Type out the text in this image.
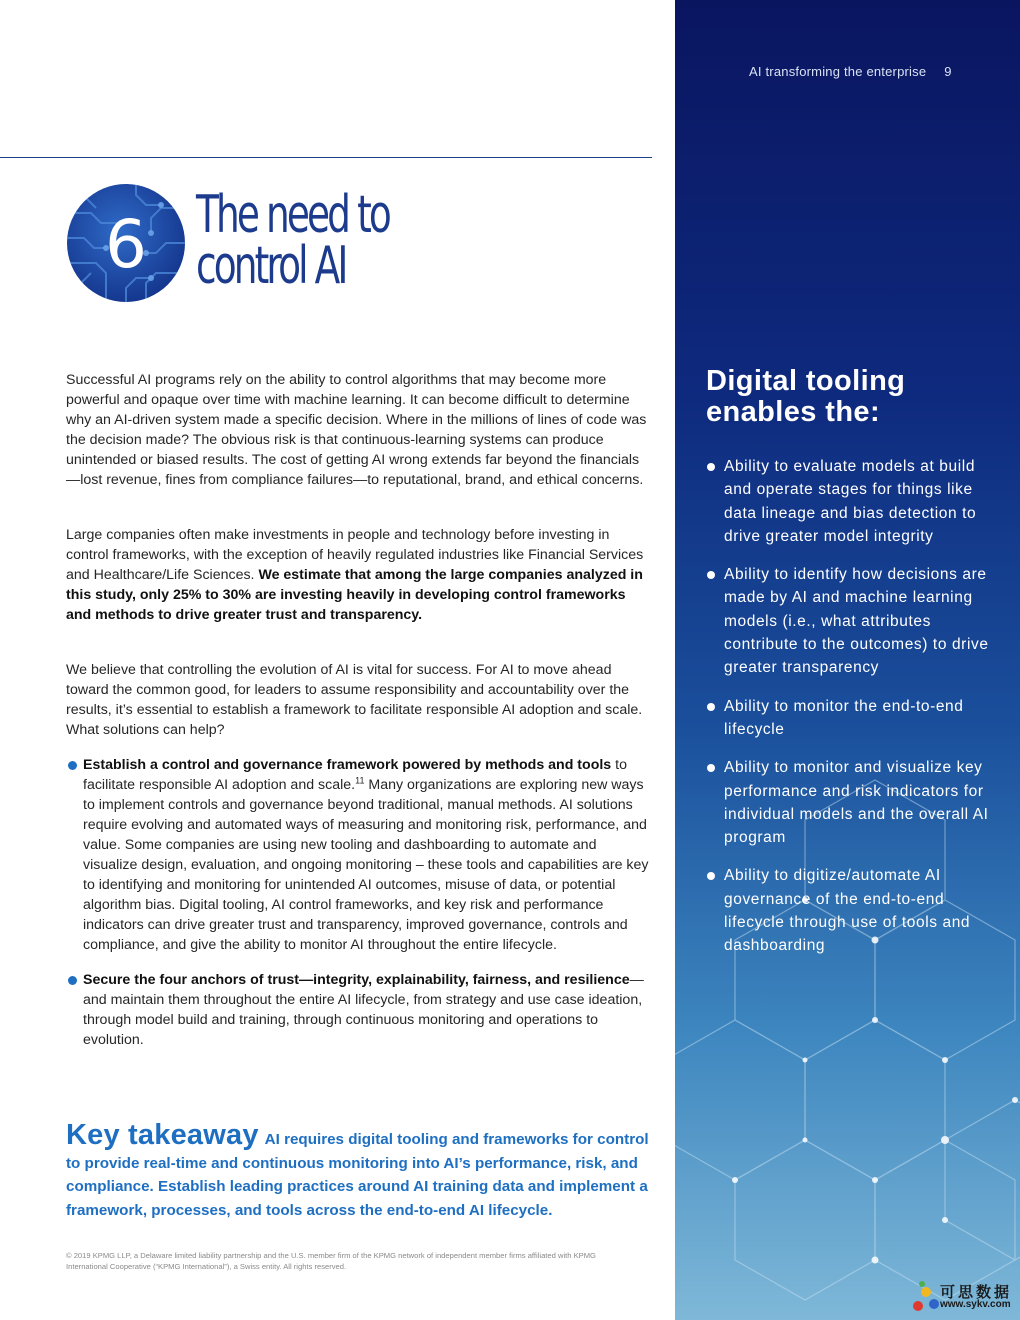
AI transforming the enterprise 9
Digital tooling enables the:
Ability to evaluate models at build and operate stages for things like data lineage and bias detection to drive greater model integrity
Ability to identify how decisions are made by AI and machine learning models (i.e., what attributes contribute to the outcomes) to drive greater transparency
Ability to monitor the end-to-end lifecycle
Ability to monitor and visualize key performance and risk indicators for individual models and the overall AI program
Ability to digitize/automate AI governance of the end-to-end lifecycle through use of tools and dashboarding
6 The need to
control AI

Successful AI programs rely on the ability to control algorithms that may become more powerful and opaque over time with machine learning. It can become difficult to determine why an AI-driven system made a specific decision. Where in the millions of lines of code was the decision made? The obvious risk is that continuous-learning systems can produce unintended or biased results. The cost of getting AI wrong extends far beyond the financials—lost revenue, fines from compliance failures—to reputational, brand, and ethical concerns.

Large companies often make investments in people and technology before investing in control frameworks, with the exception of heavily regulated industries like Financial Services and Healthcare/Life Sciences. We estimate that among the large companies analyzed in this study, only 25% to 30% are investing heavily in developing control frameworks and methods to drive greater trust and transparency.

We believe that controlling the evolution of AI is vital for success. For AI to move ahead toward the common good, for leaders to assume responsibility and accountability over the results, it’s essential to establish a framework to facilitate responsible AI adoption and scale. What solutions can help?

Establish a control and governance framework powered by methods and tools to facilitate responsible AI adoption and scale.$^{11}$ Many organizations are exploring new ways to implement controls and governance beyond traditional, manual methods. AI solutions require evolving and automated ways of measuring and monitoring risk, performance, and value. Some companies are using new tooling and dashboarding to automate and visualize design, evaluation, and ongoing monitoring – these tools and capabilities are key to identifying and monitoring for unintended AI outcomes, misuse of data, or potential algorithm bias. Digital tooling, AI control frameworks, and key risk and performance indicators can drive greater trust and transparency, improved governance, controls and compliance, and give the ability to monitor AI throughout the entire lifecycle.
Secure the four anchors of trust—integrity, explainability, fairness, and resilience—and maintain them throughout the entire AI lifecycle, from strategy and use case ideation, through model build and training, through continuous monitoring and operations to evolution.
Key takeaway AI requires digital tooling and frameworks for control to provide real-time and continuous monitoring into AI’s performance, risk, and compliance. Establish leading practices around AI training data and implement a framework, processes, and tools across the end-to-end AI lifecycle.
© 2019 KPMG LLP, a Delaware limited liability partnership and the U.S. member firm of the KPMG network of independent member firms affiliated with KPMG International Cooperative (“KPMG International”), a Swiss entity. All rights reserved.
可思数据
www.sykv.com
